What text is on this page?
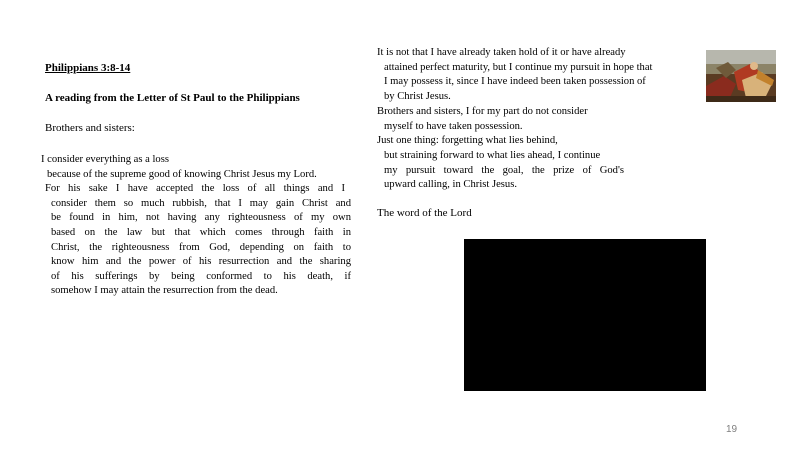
Philippians 3:8-14
A reading from the Letter of St Paul to the Philippians
Brothers and sisters:
I consider everything as a loss
because of the supreme good of knowing Christ Jesus my Lord.
For his sake I have accepted the loss of all things and I
consider them so much rubbish, that I may gain Christ and
be found in him, not having any righteousness of my own
based on the law but that which comes through faith in
Christ, the righteousness from God, depending on faith to
know him and the power of his resurrection and the sharing
of his sufferings by being conformed to his death, if
somehow I may attain the resurrection from the dead.
It is not that I have already taken hold of it or have already
attained perfect maturity, but I continue my pursuit in hope that
I may possess it, since I have indeed been taken possession of
by Christ Jesus.
Brothers and sisters, I for my part do not consider
myself to have taken possession.
Just one thing: forgetting what lies behind,
but straining forward to what lies ahead, I continue
my pursuit toward the goal, the prize of God's
upward calling, in Christ Jesus.
The word of the Lord
19
